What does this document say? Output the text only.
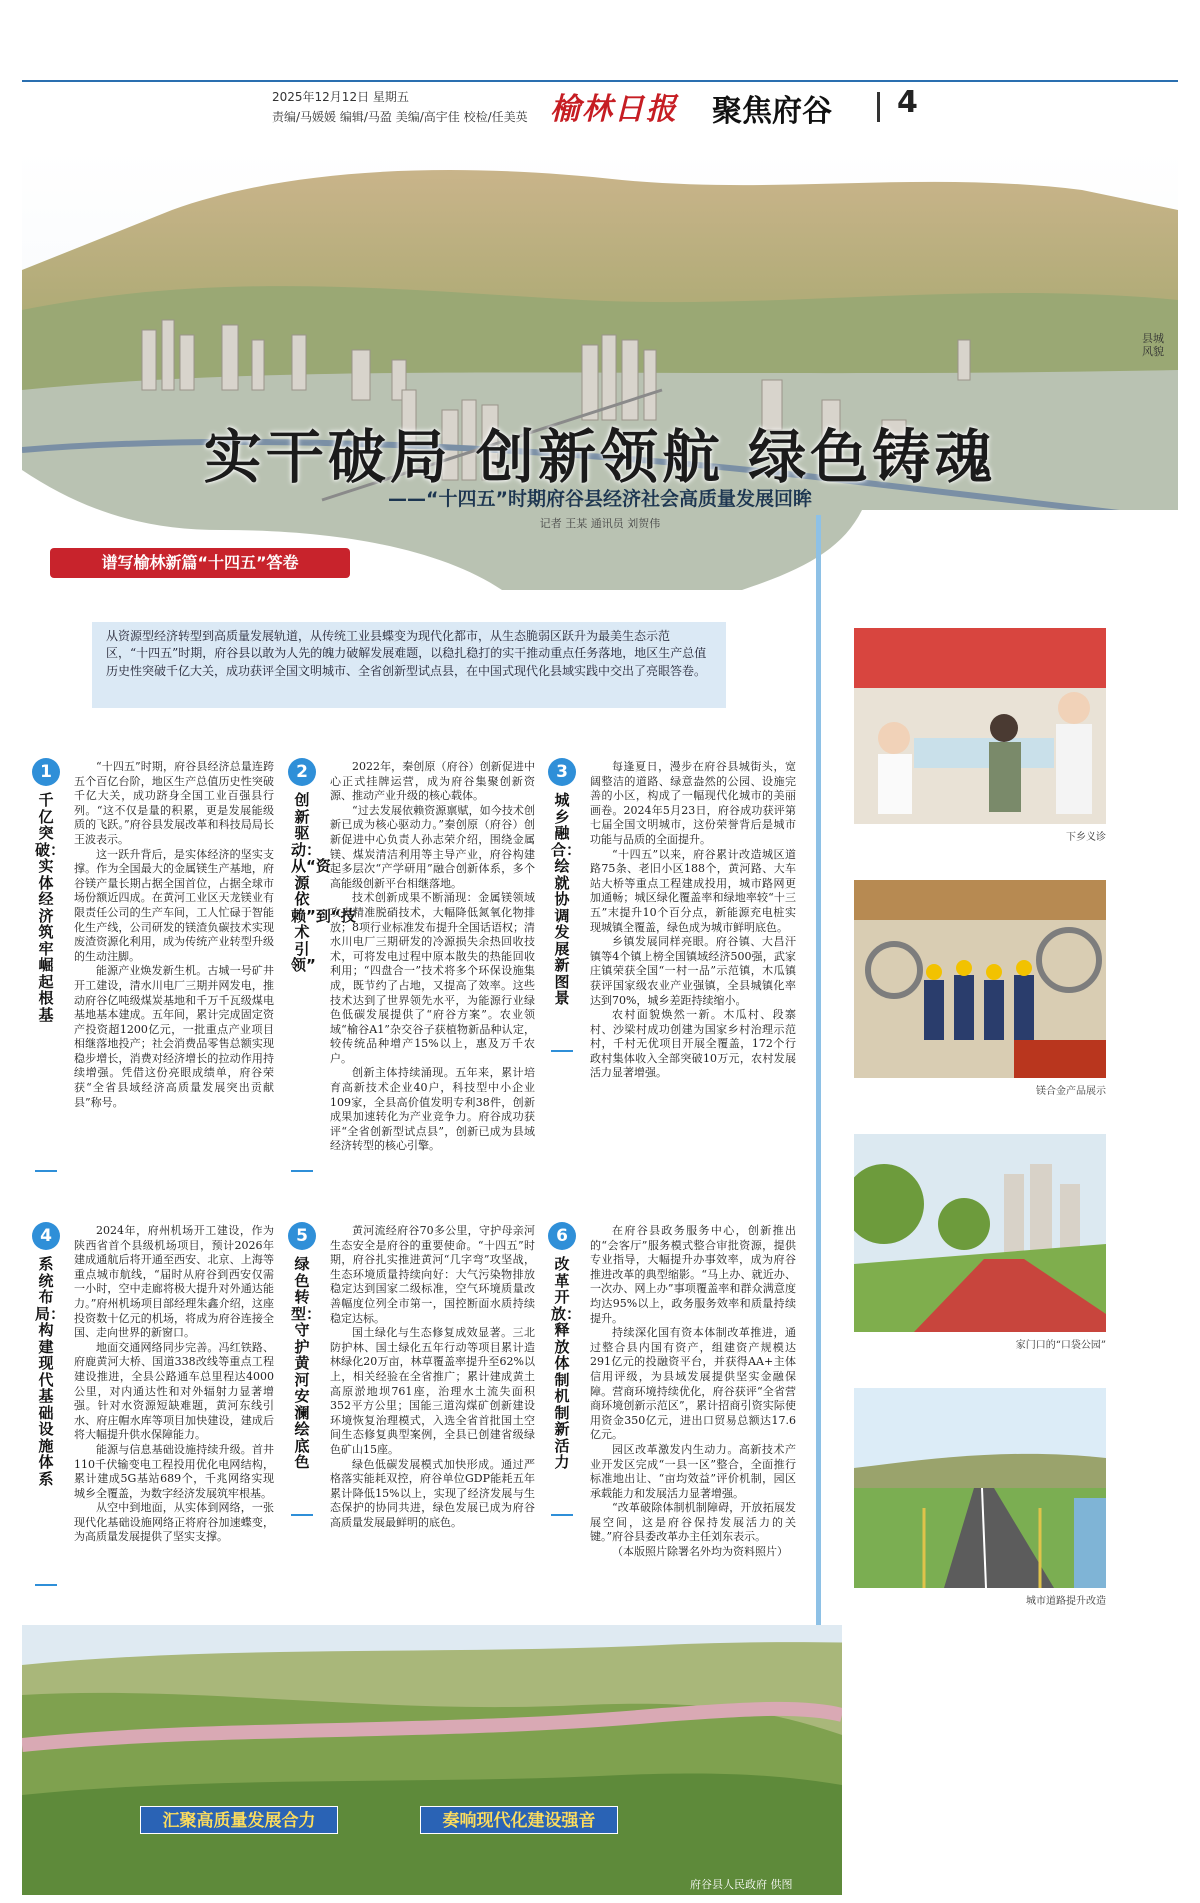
2025年12月12日 星期五
责编/马媛媛 编辑/马盈 美编/高宇佳 校检/任美英 榆林日报 聚焦府谷 4
县城风貌
实干破局 创新领航 绿色铸魂
——“十四五”时期府谷县经济社会高质量发展回眸
记者 王某 通讯员 刘贺伟
谱写榆林新篇“十四五”答卷
从资源型经济转型到高质量发展轨道，从传统工业县蝶变为现代化都市，从生态脆弱区跃升为最美生态示范区，“十四五”时期，府谷县以敢为人先的魄力破解发展难题，以稳扎稳打的实干推动重点任务落地，地区生产总值历史性突破千亿大关，成功获评全国文明城市、全省创新型试点县，在中国式现代化县域实践中交出了亮眼答卷。
1
千亿突破：实体经济筑牢崛起根基

“十四五”时期，府谷县经济总量连跨五个百亿台阶，地区生产总值历史性突破千亿大关，成功跻身全国工业百强县行列。“这不仅是量的积累，更是发展能级质的飞跃。”府谷县发展改革和科技局局长王波表示。

这一跃升背后，是实体经济的坚实支撑。作为全国最大的金属镁生产基地，府谷镁产量长期占据全国首位，占据全球市场份额近四成。在黄河工业区天龙镁业有限责任公司的生产车间，工人忙碌于智能化生产线，公司研发的镁渣负碳技术实现废渣资源化利用，成为传统产业转型升级的生动注脚。

能源产业焕发新生机。古城一号矿井开工建设，清水川电厂三期并网发电，推动府谷亿吨级煤炭基地和千万千瓦级煤电基地基本建成。五年间，累计完成固定资产投资超1200亿元，一批重点产业项目相继落地投产；社会消费品零售总额实现稳步增长，消费对经济增长的拉动作用持续增强。凭借这份亮眼成绩单，府谷荣获“全省县域经济高质量发展突出贡献县”称号。

2
创新驱动：从“资源依赖”到“技术引领”

2022年，秦创原（府谷）创新促进中心正式挂牌运营，成为府谷集聚创新资源、推动产业升级的核心载体。

“过去发展依赖资源禀赋，如今技术创新已成为核心驱动力。”秦创原（府谷）创新促进中心负责人孙志荣介绍，围绕金属镁、煤炭清洁利用等主导产业，府谷构建起多层次“产学研用”融合创新体系，多个高能级创新平台相继落地。

技术创新成果不断涌现：金属镁领域攻克精准脱硝技术，大幅降低氮氧化物排放；8项行业标准发布提升全国话语权；清水川电厂三期研发的冷源损失余热回收技术，可将发电过程中原本散失的热能回收利用；“四盘合一”技术将多个环保设施集成，既节约了占地，又提高了效率。这些技术达到了世界领先水平，为能源行业绿色低碳发展提供了“府谷方案”。农业领域“榆谷A1”杂交谷子获植物新品种认定，较传统品种增产15%以上，惠及万千农户。

创新主体持续涌现。五年来，累计培育高新技术企业40户，科技型中小企业109家，全县高价值发明专利38件，创新成果加速转化为产业竞争力。府谷成功获评“全省创新型试点县”，创新已成为县域经济转型的核心引擎。

3
城乡融合：绘就协调发展新图景

每逢夏日，漫步在府谷县城街头，宽阔整洁的道路、绿意盎然的公园、设施完善的小区，构成了一幅现代化城市的美丽画卷。2024年5月23日，府谷成功获评第七届全国文明城市，这份荣誉背后是城市功能与品质的全面提升。

“十四五”以来，府谷累计改造城区道路75条、老旧小区188个，黄河路、大车站大桥等重点工程建成投用，城市路网更加通畅；城区绿化覆盖率和绿地率较“十三五”末提升10个百分点，新能源充电桩实现城镇全覆盖，绿色成为城市鲜明底色。

乡镇发展同样亮眼。府谷镇、大昌汗镇等4个镇上榜全国镇域经济500强，武家庄镇荣获全国“一村一品”示范镇，木瓜镇获评国家级农业产业强镇，全县城镇化率达到70%，城乡差距持续缩小。

农村面貌焕然一新。木瓜村、段寨村、沙梁村成功创建为国家乡村治理示范村，千村无优项目开展全覆盖，172个行政村集体收入全部突破10万元，农村发展活力显著增强。

4
系统布局：构建现代基础设施体系

2024年，府州机场开工建设，作为陕西省首个县级机场项目，预计2026年建成通航后将开通至西安、北京、上海等重点城市航线，“届时从府谷到西安仅需一小时，空中走廊将极大提升对外通达能力。”府州机场项目部经理朱鑫介绍，这座投资数十亿元的机场，将成为府谷连接全国、走向世界的新窗口。

地面交通网络同步完善。冯红铁路、府鹿黄河大桥、国道338改线等重点工程建设推进，全县公路通车总里程达4000公里，对内通达性和对外辐射力显著增强。针对水资源短缺难题，黄河东线引水、府庄帽水库等项目加快建设，建成后将大幅提升供水保障能力。

能源与信息基础设施持续升级。首井110千伏输变电工程投用优化电网结构，累计建成5G基站689个，千兆网络实现城乡全覆盖，为数字经济发展筑牢根基。

从空中到地面，从实体到网络，一张现代化基础设施网络正将府谷加速蝶变，为高质量发展提供了坚实支撑。

5
绿色转型：守护黄河安澜绘底色

黄河流经府谷70多公里，守护母亲河生态安全是府谷的重要使命。“十四五”时期，府谷扎实推进黄河“几字弯”攻坚战，生态环境质量持续向好：大气污染物排放稳定达到国家二级标准，空气环境质量改善幅度位列全市第一，国控断面水质持续稳定达标。

国土绿化与生态修复成效显著。三北防护林、国土绿化五年行动等项目累计造林绿化20万亩，林草覆盖率提升至62%以上，相关经验在全省推广；累计建成黄土高原淤地坝761座，治理水土流失面积352平方公里；国能三道沟煤矿创新建设环境恢复治理模式，入选全省首批国土空间生态修复典型案例，全县已创建省级绿色矿山15座。

绿色低碳发展模式加快形成。通过严格落实能耗双控，府谷单位GDP能耗五年累计降低15%以上，实现了经济发展与生态保护的协同共进，绿色发展已成为府谷高质量发展最鲜明的底色。

6
改革开放：释放体制机制新活力

在府谷县政务服务中心，创新推出的“会客厅”服务模式整合审批资源，提供专业指导，大幅提升办事效率，成为府谷推进改革的典型缩影。“马上办、就近办、一次办、网上办”事项覆盖率和群众满意度均达95%以上，政务服务效率和质量持续提升。

持续深化国有资本体制改革推进，通过整合县内国有资产，组建资产规模达291亿元的投融资平台，并获得AA+主体信用评级，为县域发展提供坚实金融保障。营商环境持续优化，府谷获评“全省营商环境创新示范区”，累计招商引资实际使用资金350亿元，进出口贸易总额达17.6亿元。

园区改革激发内生动力。高新技术产业开发区完成“一县一区”整合，全面推行标准地出让、“亩均效益”评价机制，园区承载能力和发展活力显著增强。

“改革破除体制机制障碍，开放拓展发展空间，这是府谷保持发展活力的关键。”府谷县委改革办主任刘东表示。

（本版照片除署名外均为资料照片）

下乡义诊
镁合金产品展示
家门口的“口袋公园”
城市道路提升改造
汇聚高质量发展合力	奏响现代化建设强音
府谷县人民政府 供图
